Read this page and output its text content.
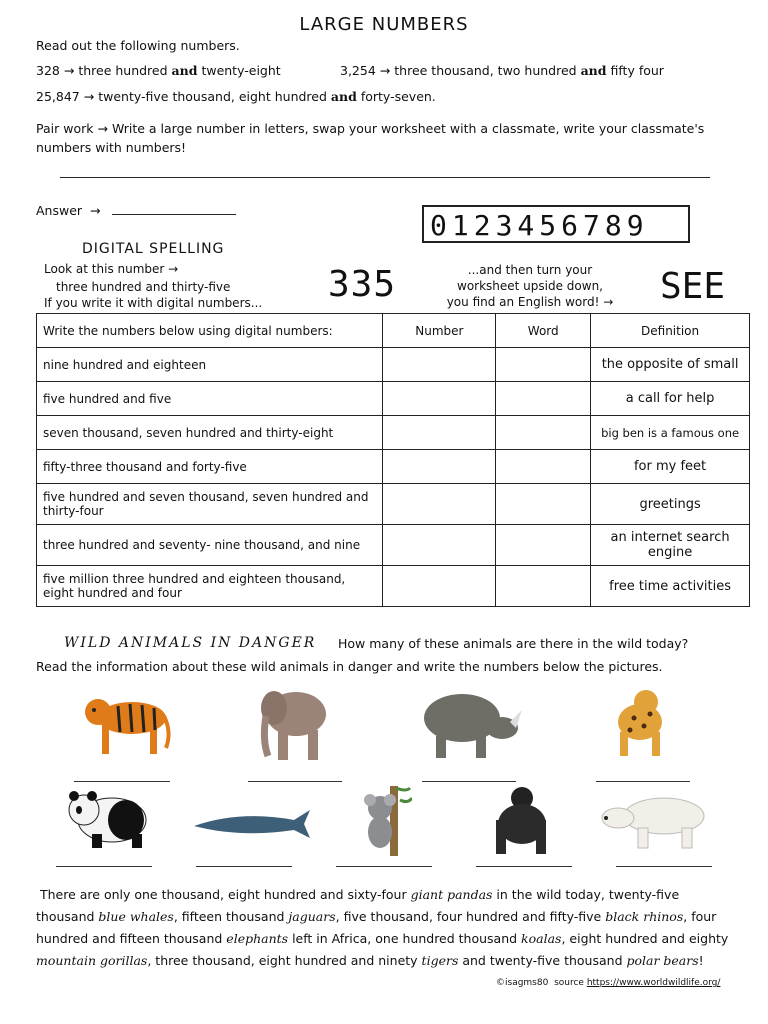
LARGE NUMBERS
Read out the following numbers.
328 → three hundred and twenty-eight	3,254 → three thousand, two hundred and fifty four
25,847 → twenty-five thousand, eight hundred and forty-seven.
Pair work → Write a large number in letters, swap your worksheet with a classmate, write your classmate's numbers with numbers!
Answer →	0123456789
DIGITAL SPELLING
Look at this number →
three hundred and thirty-five
If you write it with digital numbers... 335	...and then turn your
worksheet upside down,
you find an English word! → SEE
Write the numbers below using digital numbers:	Number	Word	Definition
nine hundred and eighteen			the opposite of small
five hundred and five			a call for help
seven thousand, seven hundred and thirty-eight			big ben is a famous one
fifty-three thousand and forty-five			for my feet
five hundred and seven thousand, seven hundred and thirty-four			greetings
three hundred and seventy- nine thousand, and nine			an internet search engine
five million three hundred and eighteen thousand, eight hundred and four			free time activities
WILD ANIMALS IN DANGER How many of these animals are there in the wild today?
Read the information about these wild animals in danger and write the numbers below the pictures.
There are only one thousand, eight hundred and sixty-four giant pandas in the wild today, twenty-five thousand blue whales, fifteen thousand jaguars, five thousand, four hundred and fifty-five black rhinos, four hundred and fifteen thousand elephants left in Africa, one hundred thousand koalas, eight hundred and eighty mountain gorillas, three thousand, eight hundred and ninety tigers and twenty-five thousand polar bears!
©isagms80 source https://www.worldwildlife.org/
